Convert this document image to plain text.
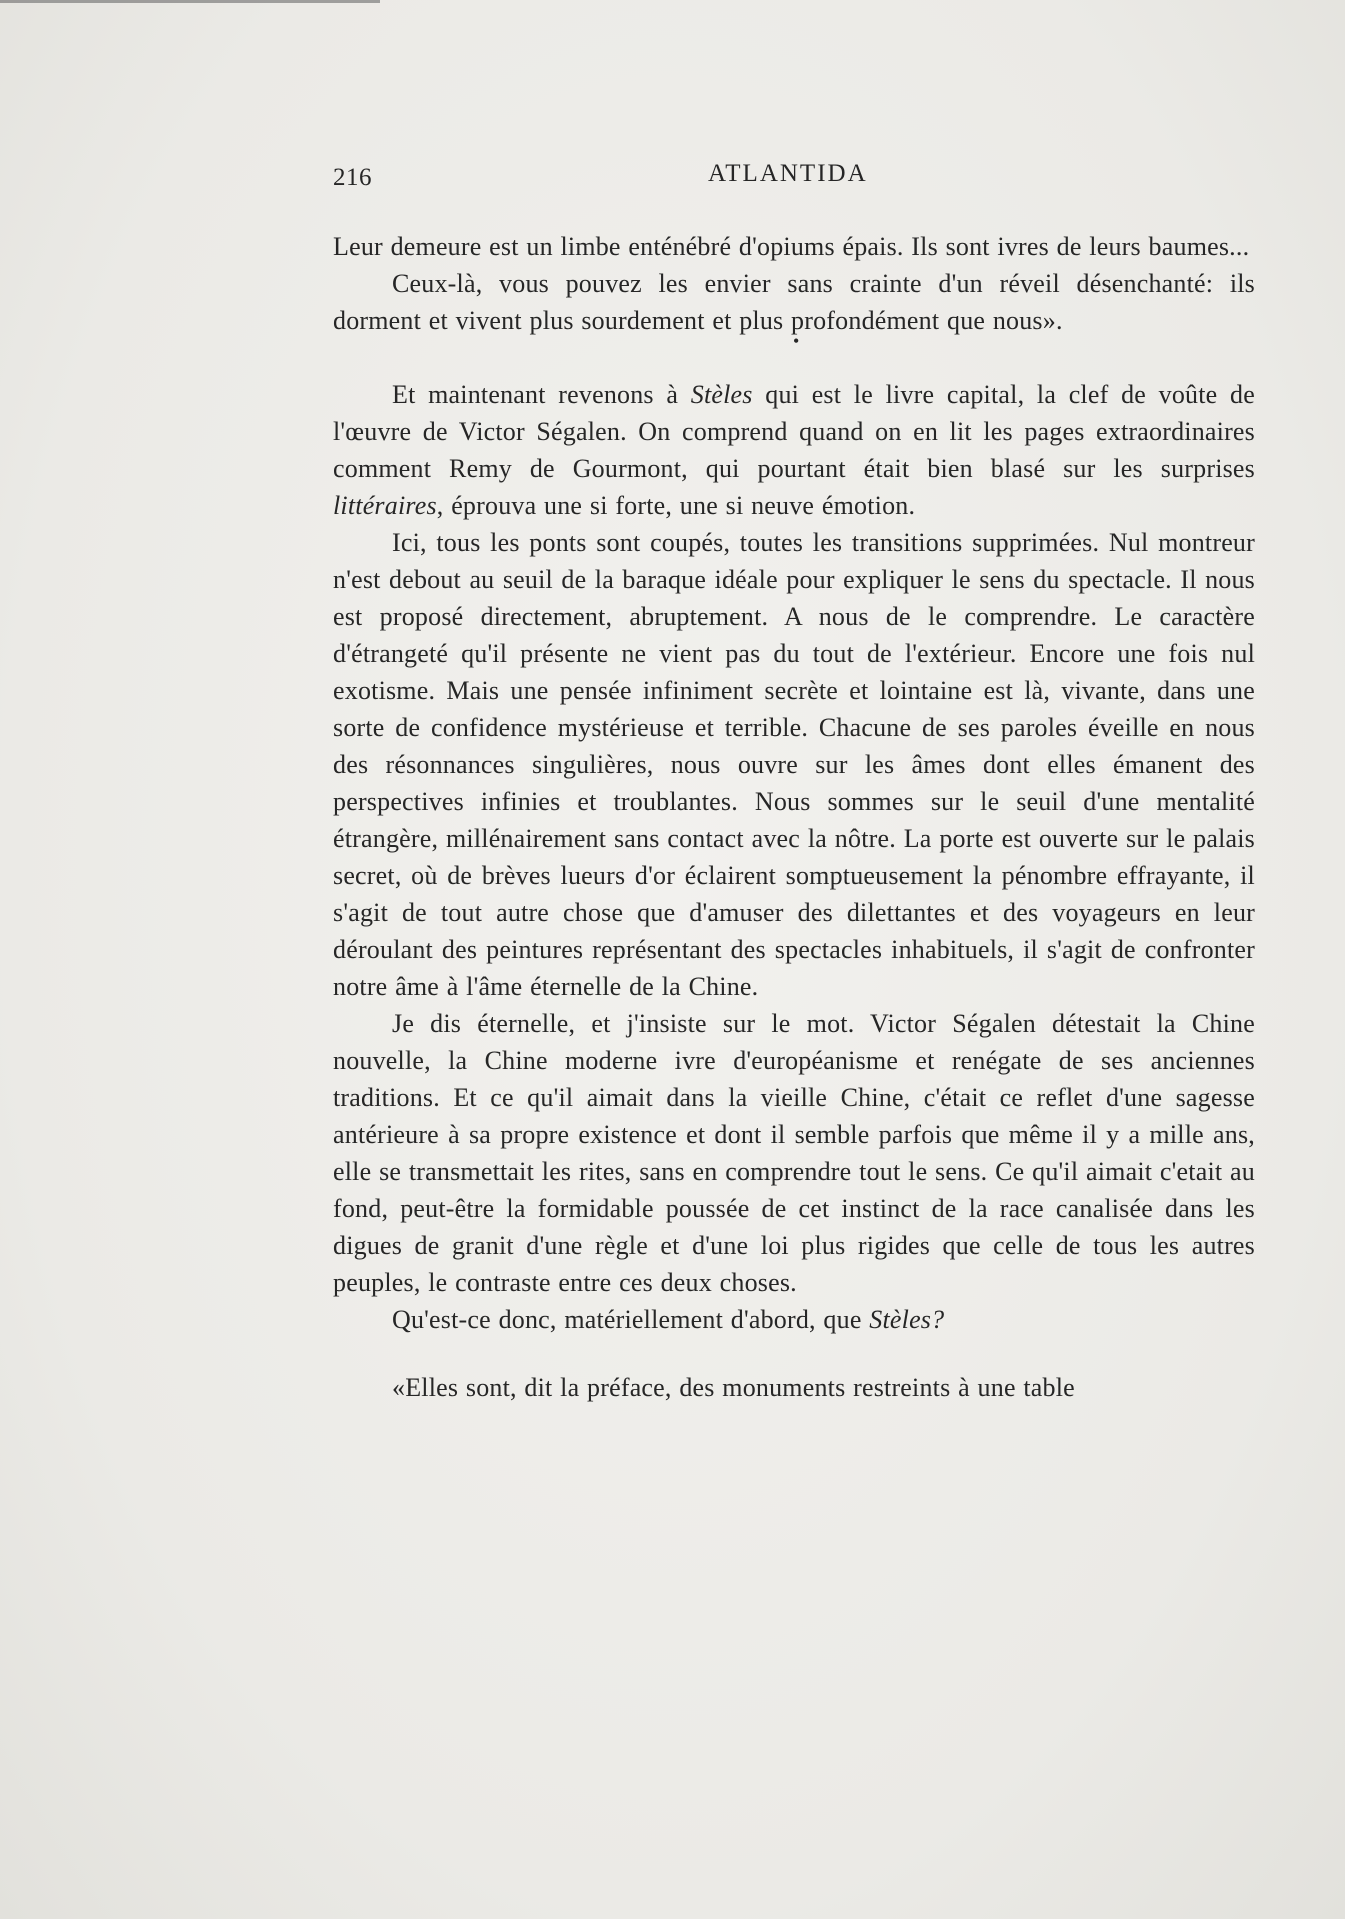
216	ATLANTIDA

Leur demeure est un limbe enténébré d'opiums épais. Ils sont ivres de leurs baumes...

Ceux-là, vous pouvez les envier sans crainte d'un réveil désenchanté: ils dorment et vivent plus sourdement et plus profondément que nous».

•

Et maintenant revenons à Stèles qui est le livre capital, la clef de voûte de l'œuvre de Victor Ségalen. On comprend quand on en lit les pages extraordinaires comment Remy de Gourmont, qui pourtant était bien blasé sur les surprises littéraires, éprouva une si forte, une si neuve émotion.

Ici, tous les ponts sont coupés, toutes les transitions supprimées. Nul montreur n'est debout au seuil de la baraque idéale pour expliquer le sens du spectacle. Il nous est proposé directement, abruptement. A nous de le comprendre. Le caractère d'étrangeté qu'il présente ne vient pas du tout de l'extérieur. Encore une fois nul exotisme. Mais une pensée infiniment secrète et lointaine est là, vivante, dans une sorte de confidence mystérieuse et terrible. Chacune de ses paroles éveille en nous des résonnances singulières, nous ouvre sur les âmes dont elles émanent des perspectives infinies et troublantes. Nous sommes sur le seuil d'une mentalité étrangère, millénairement sans contact avec la nôtre. La porte est ouverte sur le palais secret, où de brèves lueurs d'or éclairent somptueusement la pénombre effrayante, il s'agit de tout autre chose que d'amuser des dilettantes et des voyageurs en leur déroulant des peintures représentant des spectacles inhabituels, il s'agit de confronter notre âme à l'âme éternelle de la Chine.

Je dis éternelle, et j'insiste sur le mot. Victor Ségalen détestait la Chine nouvelle, la Chine moderne ivre d'européanisme et renégate de ses anciennes traditions. Et ce qu'il aimait dans la vieille Chine, c'était ce reflet d'une sagesse antérieure à sa propre existence et dont il semble parfois que même il y a mille ans, elle se transmettait les rites, sans en comprendre tout le sens. Ce qu'il aimait c'etait au fond, peut-être la formidable poussée de cet instinct de la race canalisée dans les digues de granit d'une règle et d'une loi plus rigides que celle de tous les autres peuples, le contraste entre ces deux choses.

Qu'est-ce donc, matériellement d'abord, que Stèles?

«Elles sont, dit la préface, des monuments restreints à une table
